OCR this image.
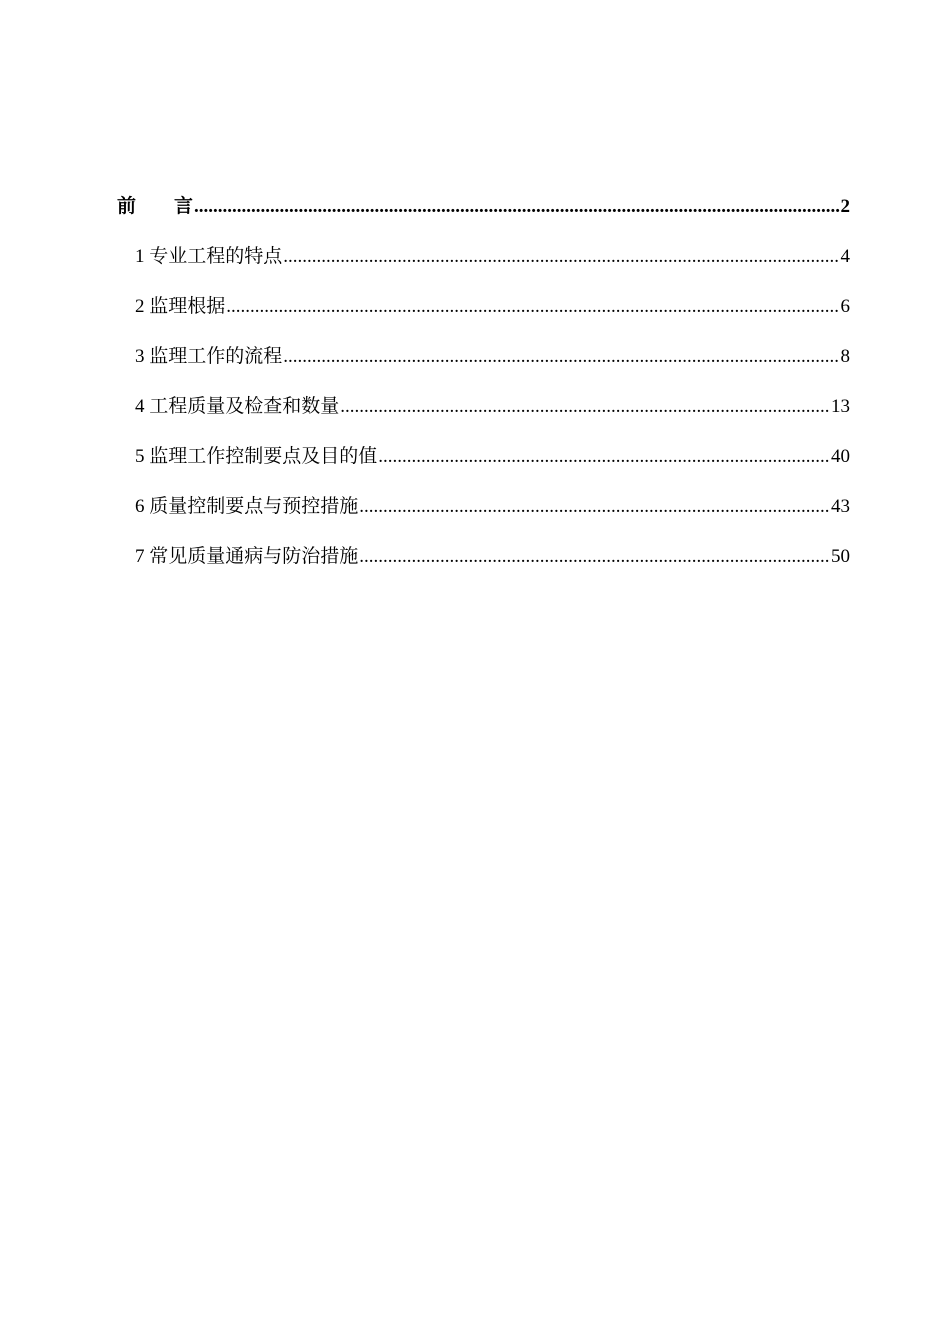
前 言 .....	2
1 专业工程的特点 .....	4
2 监理根据 .....	6
3 监理工作的流程 .....	8
4 工程质量及检查和数量 .....	13
5 监理工作控制要点及目的值 .....	40
6 质量控制要点与预控措施 .....	43
7 常见质量通病与防治措施 .....	50
